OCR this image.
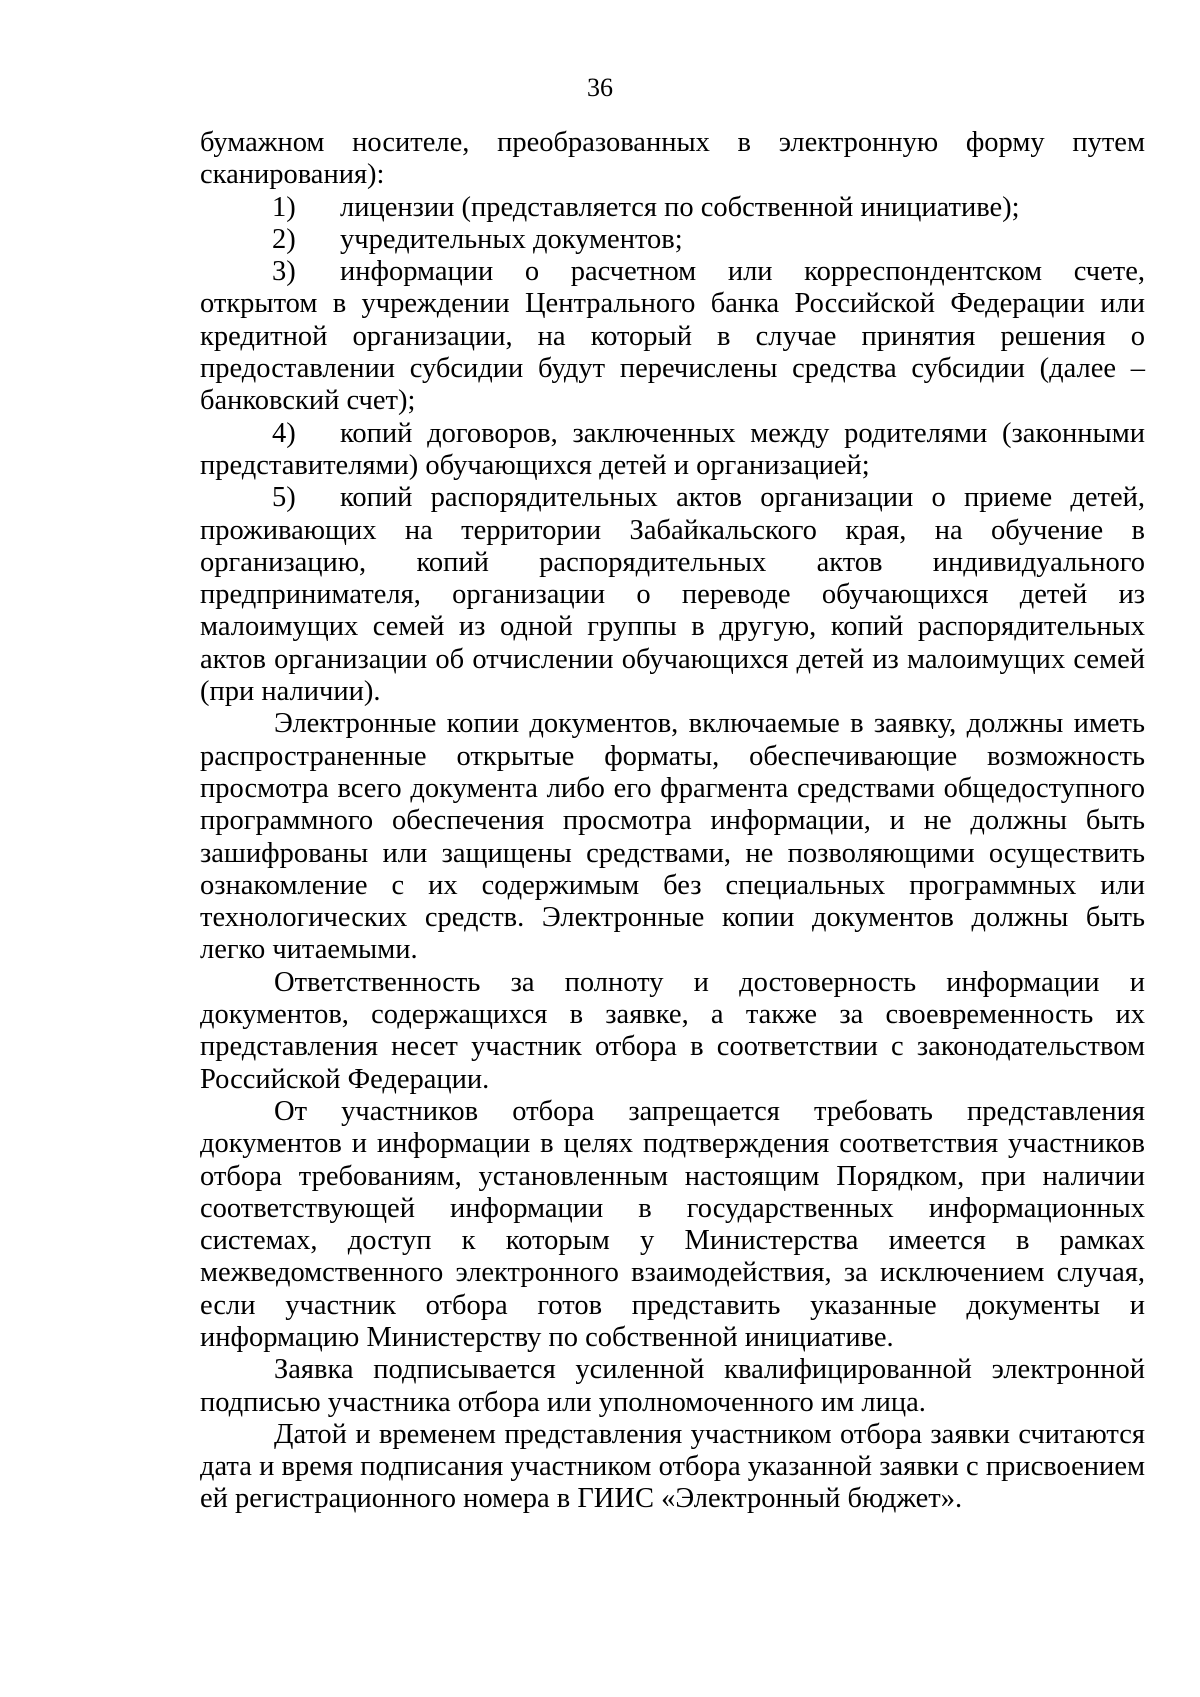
36

бумажном носителе, преобразованных в электронную форму путем сканирования):

1) лицензии (представляется по собственной инициативе);

2) учредительных документов;

3) информации о расчетном или корреспондентском счете, открытом в учреждении Центрального банка Российской Федерации или кредитной организации, на который в случае принятия решения о предоставлении субсидии будут перечислены средства субсидии (далее – банковский счет);

4) копий договоров, заключенных между родителями (законными представителями) обучающихся детей и организацией;

5) копий распорядительных актов организации о приеме детей, проживающих на территории Забайкальского края, на обучение в организацию, копий распорядительных актов индивидуального предпринимателя, организации о переводе обучающихся детей из малоимущих семей из одной группы в другую, копий распорядительных актов организации об отчислении обучающихся детей из малоимущих семей (при наличии).

Электронные копии документов, включаемые в заявку, должны иметь распространенные открытые форматы, обеспечивающие возможность просмотра всего документа либо его фрагмента средствами общедоступного программного обеспечения просмотра информации, и не должны быть зашифрованы или защищены средствами, не позволяющими осуществить ознакомление с их содержимым без специальных программных или технологических средств. Электронные копии документов должны быть легко читаемыми.

Ответственность за полноту и достоверность информации и документов, содержащихся в заявке, а также за своевременность их представления несет участник отбора в соответствии с законодательством Российской Федерации.

От участников отбора запрещается требовать представления документов и информации в целях подтверждения соответствия участников отбора требованиям, установленным настоящим Порядком, при наличии соответствующей информации в государственных информационных системах, доступ к которым у Министерства имеется в рамках межведомственного электронного взаимодействия, за исключением случая, если участник отбора готов представить указанные документы и информацию Министерству по собственной инициативе.

Заявка подписывается усиленной квалифицированной электронной подписью участника отбора или уполномоченного им лица.

Датой и временем представления участником отбора заявки считаются дата и время подписания участником отбора указанной заявки с присвоением ей регистрационного номера в ГИИС «Электронный бюджет».
